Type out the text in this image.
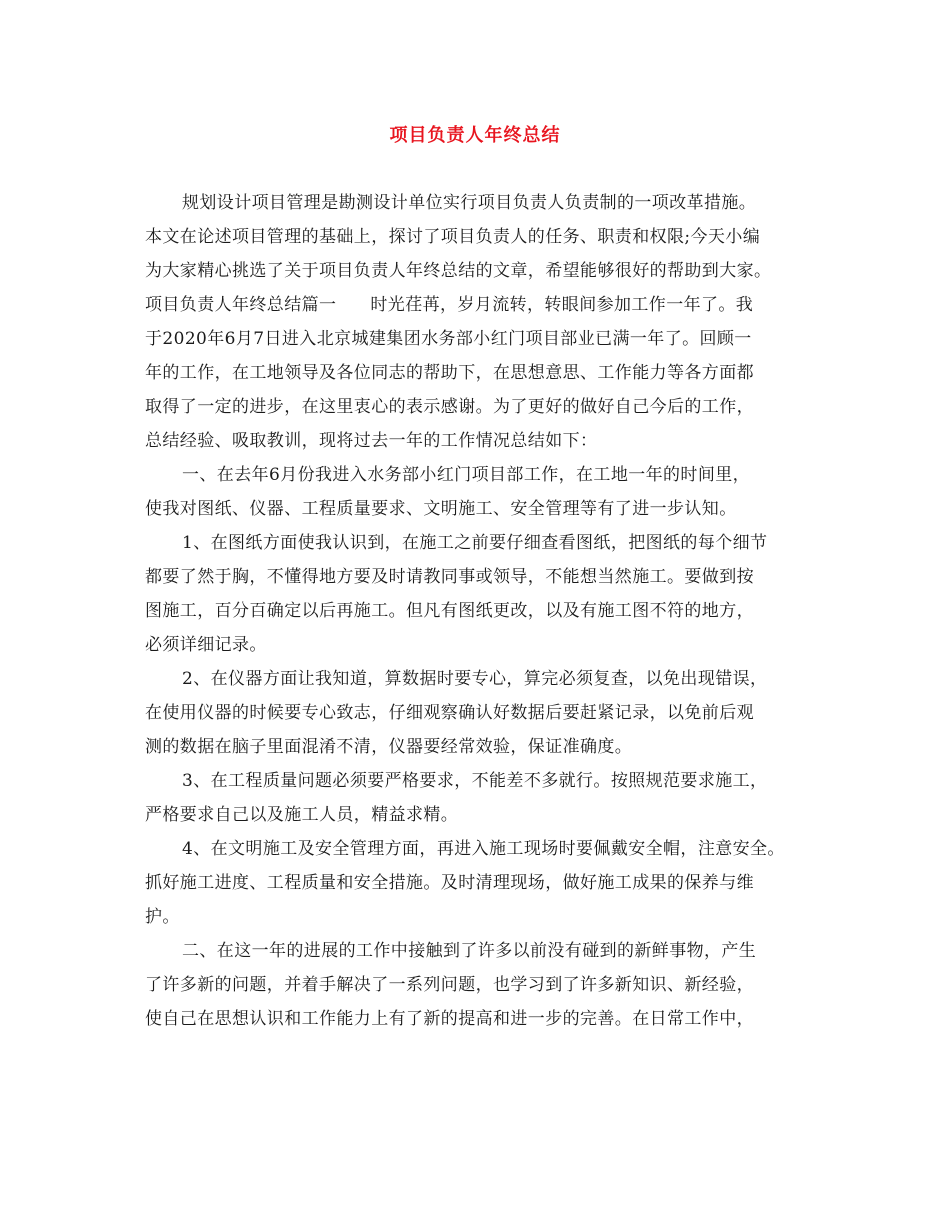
项目负责人年终总结
规划设计项目管理是勘测设计单位实行项目负责人负责制的一项改革措施。
本文在论述项目管理的基础上，探讨了项目负责人的任务、职责和权限;今天小编
为大家精心挑选了关于项目负责人年终总结的文章，希望能够很好的帮助到大家。
项目负责人年终总结篇一 时光荏苒，岁月流转，转眼间参加工作一年了。我
于2020年6月7日进入北京城建集团水务部小红门项目部业已满一年了。回顾一
年的工作，在工地领导及各位同志的帮助下，在思想意思、工作能力等各方面都
取得了一定的进步，在这里衷心的表示感谢。为了更好的做好自己今后的工作，
总结经验、吸取教训，现将过去一年的工作情况总结如下：
一、在去年6月份我进入水务部小红门项目部工作，在工地一年的时间里，
使我对图纸、仪器、工程质量要求、文明施工、安全管理等有了进一步认知。
1、在图纸方面使我认识到，在施工之前要仔细查看图纸，把图纸的每个细节
都要了然于胸，不懂得地方要及时请教同事或领导，不能想当然施工。要做到按
图施工，百分百确定以后再施工。但凡有图纸更改，以及有施工图不符的地方，
必须详细记录。
2、在仪器方面让我知道，算数据时要专心，算完必须复查，以免出现错误，
在使用仪器的时候要专心致志，仔细观察确认好数据后要赶紧记录，以免前后观
测的数据在脑子里面混淆不清，仪器要经常效验，保证准确度。
3、在工程质量问题必须要严格要求，不能差不多就行。按照规范要求施工，
严格要求自己以及施工人员，精益求精。
4、在文明施工及安全管理方面，再进入施工现场时要佩戴安全帽，注意安全。
抓好施工进度、工程质量和安全措施。及时清理现场，做好施工成果的保养与维
护。
二、在这一年的进展的工作中接触到了许多以前没有碰到的新鲜事物，产生
了许多新的问题，并着手解决了一系列问题，也学习到了许多新知识、新经验，
使自己在思想认识和工作能力上有了新的提高和进一步的完善。在日常工作中，
